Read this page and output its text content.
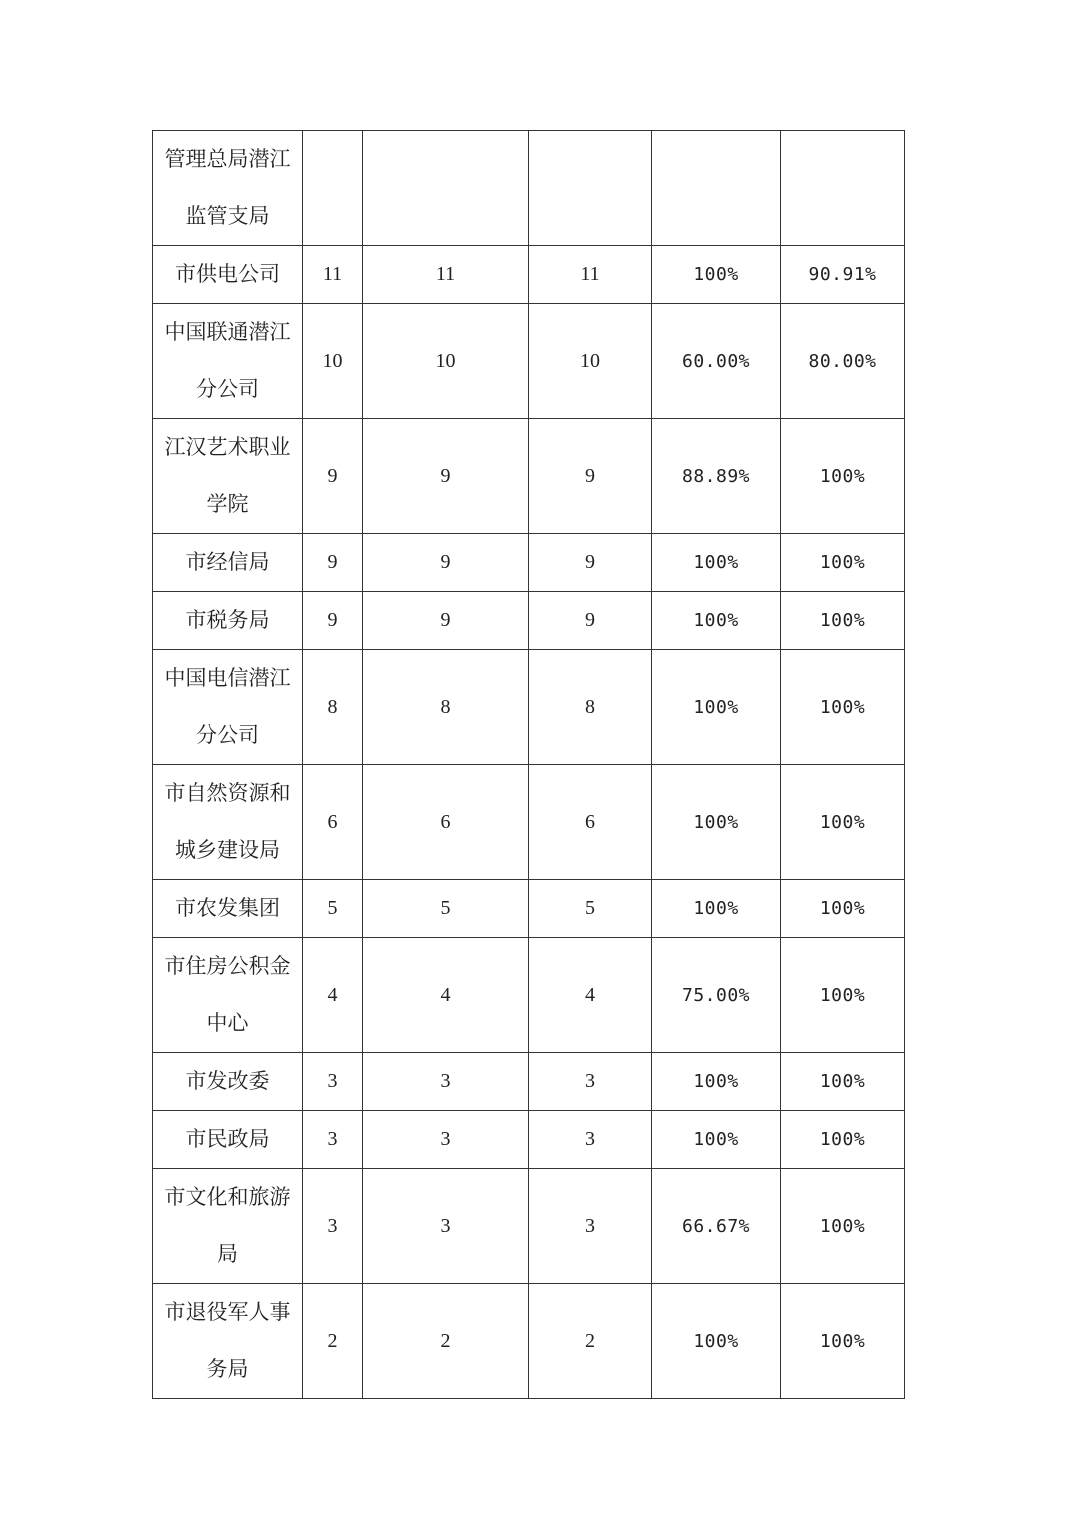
管理总局潜江监管支局					
市供电公司	11	11	11	100%	90.91%
中国联通潜江分公司	10	10	10	60.00%	80.00%
江汉艺术职业学院	9	9	9	88.89%	100%
市经信局	9	9	9	100%	100%
市税务局	9	9	9	100%	100%
中国电信潜江分公司	8	8	8	100%	100%
市自然资源和城乡建设局	6	6	6	100%	100%
市农发集团	5	5	5	100%	100%
市住房公积金中心	4	4	4	75.00%	100%
市发改委	3	3	3	100%	100%
市民政局	3	3	3	100%	100%
市文化和旅游局	3	3	3	66.67%	100%
市退役军人事务局	2	2	2	100%	100%
